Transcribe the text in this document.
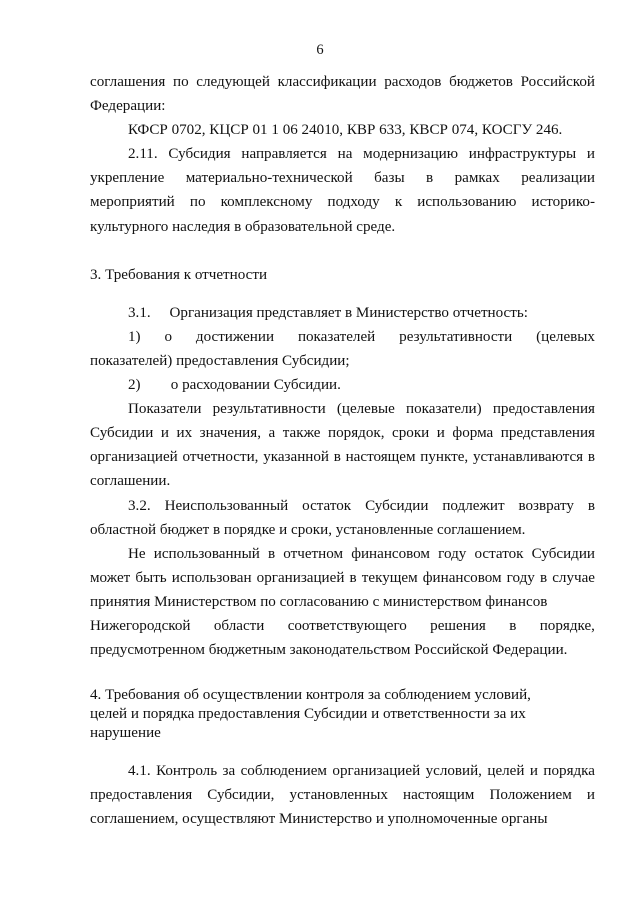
6

соглашения по следующей классификации расходов бюджетов Российской Федерации:

КФСР 0702, КЦСР 01 1 06 24010, КВР 633, КВСР 074, КОСГУ 246.

2.11. Субсидия направляется на модернизацию инфраструктуры и укрепление материально-технической базы в рамках реализации мероприятий по комплексному подходу к использованию историко-культурного наследия в образовательной среде.

3. Требования к отчетности

3.1. Организация представляет в Министерство отчетность:

1) о достижении показателей результативности (целевых

показателей) предоставления Субсидии;

2) о расходовании Субсидии.

Показатели результативности (целевые показатели) предоставления Субсидии и их значения, а также порядок, сроки и форма представления организацией отчетности, указанной в настоящем пункте, устанавливаются в соглашении.

3.2. Неиспользованный остаток Субсидии подлежит возврату в областной бюджет в порядке и сроки, установленные соглашением.

Не использованный в отчетном финансовом году остаток Субсидии может быть использован организацией в текущем финансовом году в случае принятия Министерством по согласованию с министерством финансов

Нижегородской области соответствующего решения в порядке,

предусмотренном бюджетным законодательством Российской Федерации.

4. Требования об осуществлении контроля за соблюдением условий,
целей и порядка предоставления Субсидии и ответственности за их
нарушение

4.1. Контроль за соблюдением организацией условий, целей и порядка предоставления Субсидии, установленных настоящим Положением и соглашением, осуществляют Министерство и уполномоченные органы
